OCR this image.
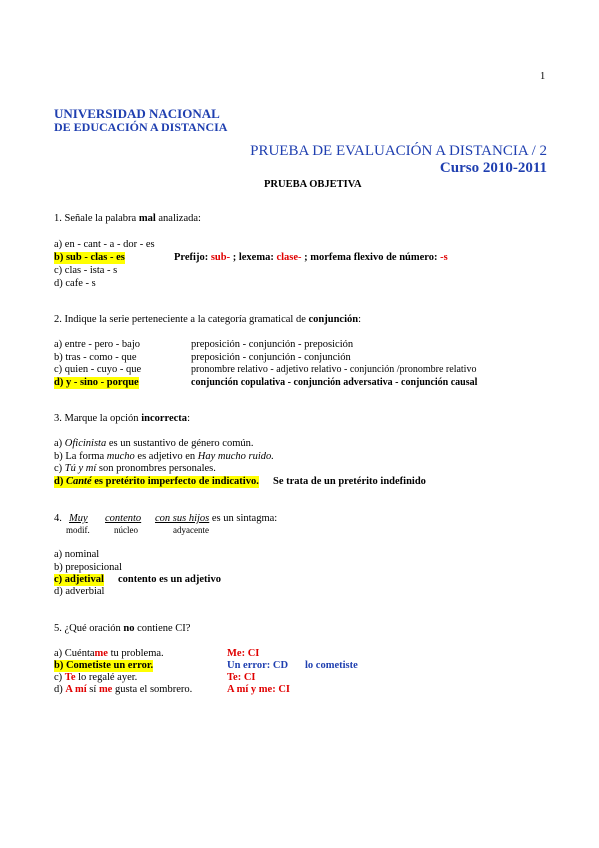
1
UNIVERSIDAD NACIONAL
DE EDUCACIÓN A DISTANCIA
PRUEBA DE EVALUACIÓN A DISTANCIA / 2
Curso 2010-2011
PRUEBA OBJETIVA
1. Señale la palabra mal analizada:
a) en - cant - a - dor - es
b) sub - clas - es	Prefijo: sub- ; lexema: clase- ; morfema flexivo de número: -s
c) clas - ista - s
d) cafe - s
2. Indique la serie perteneciente a la categoría gramatical de conjunción:
a) entre - pero - bajo	preposición - conjunción - preposición
b) tras - como - que	preposición - conjunción - conjunción
c) quien - cuyo - que	pronombre relativo - adjetivo relativo - conjunción /pronombre relativo
d) y - sino - porque	conjunción copulativa - conjunción adversativa - conjunción causal
3. Marque la opción incorrecta:
a) Oficinista es un sustantivo de género común.
b) La forma mucho es adjetivo en Hay mucho ruido.
c) Tú y mí son pronombres personales.
d) Canté es pretérito imperfecto de indicativo. Se trata de un pretérito indefinido
4. Muy contento con sus hijos es un sintagma:
modif.	núcleo	adyacente
a) nominal
b) preposicional
c) adjetival contento es un adjetivo
d) adverbial
5. ¿Qué oración no contiene CI?
a) Cuéntame tu problema.	Me: CI
b) Cometiste un error.	Un error: CD lo cometiste
c) Te lo regalé ayer.	Te: CI
d) A mí sí me gusta el sombrero.	A mí y me: CI
